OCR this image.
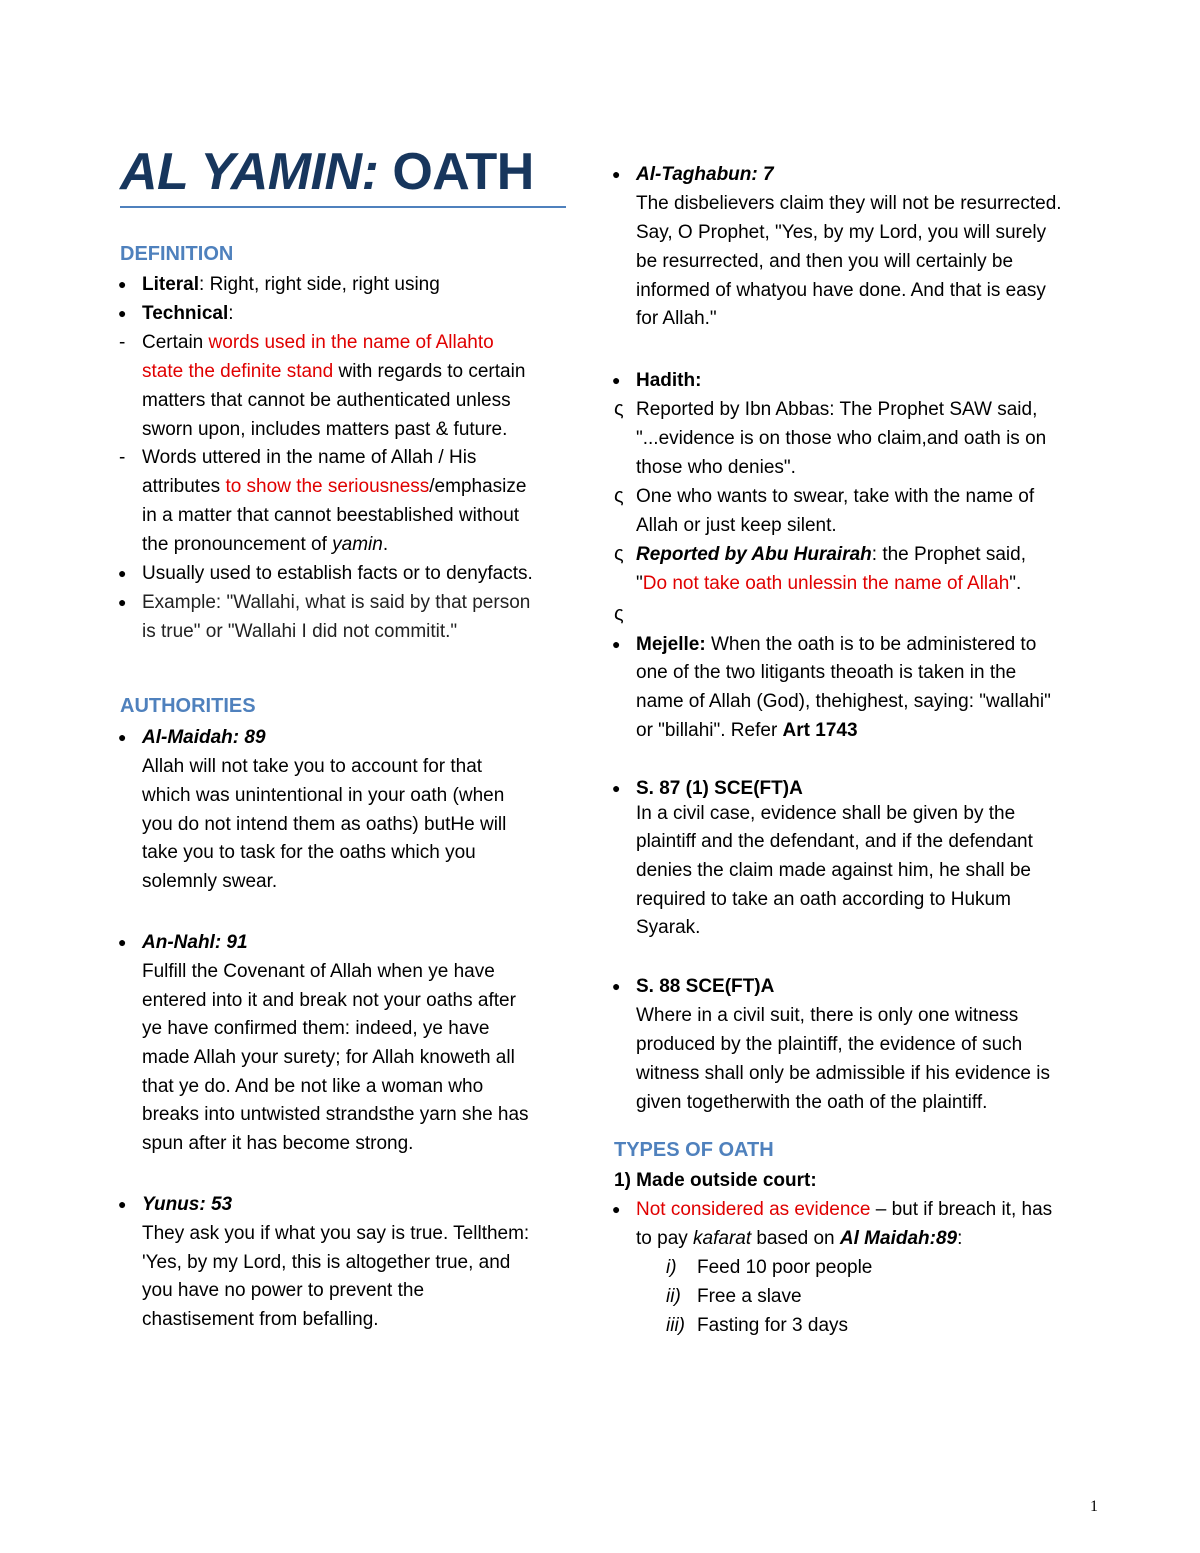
AL YAMIN: OATH
DEFINITION
● Literal: Right, right side, right using
● Technical:
- Certain words used in the name of Allahto
state the definite stand with regards to certain
matters that cannot be authenticated unless
sworn upon, includes matters past & future.
- Words uttered in the name of Allah / His
attributes to show the seriousness/emphasize
in a matter that cannot beestablished without
the pronouncement of yamin.
● Usually used to establish facts or to denyfacts.
● Example: "Wallahi, what is said by that person
is true" or "Wallahi I did not commitit."
AUTHORITIES
● Al-Maidah: 89
Allah will not take you to account for that
which was unintentional in your oath (when
you do not intend them as oaths) butHe will
take you to task for the oaths which you
solemnly swear.
● An-Nahl: 91
Fulfill the Covenant of Allah when ye have
entered into it and break not your oaths after
ye have confirmed them: indeed, ye have
made Allah your surety; for Allah knoweth all
that ye do. And be not like a woman who
breaks into untwisted strandsthe yarn she has
spun after it has become strong.
● Yunus: 53
They ask you if what you say is true. Tellthem:
'Yes, by my Lord, this is altogether true, and
you have no power to prevent the
chastisement from befalling.
● Al-Taghabun: 7
The disbelievers claim they will not be resurrected.
Say, O Prophet, "Yes, by my Lord, you will surely
be resurrected, and then you will certainly be
informed of whatyou have done. And that is easy
for Allah."
● Hadith:
ς Reported by Ibn Abbas: The Prophet SAW said,
"...evidence is on those who claim,and oath is on
those who denies".
ς One who wants to swear, take with the name of
Allah or just keep silent.
ς Reported by Abu Hurairah: the Prophet said,
"Do not take oath unlessin the name of Allah".
ς
● Mejelle: When the oath is to be administered to
one of the two litigants theoath is taken in the
name of Allah (God), thehighest, saying: "wallahi"
or "billahi". Refer Art 1743
● S. 87 (1) SCE(FT)A
In a civil case, evidence shall be given by the
plaintiff and the defendant, and if the defendant
denies the claim made against him, he shall be
required to take an oath according to Hukum
Syarak.
● S. 88 SCE(FT)A
Where in a civil suit, there is only one witness
produced by the plaintiff, the evidence of such
witness shall only be admissible if his evidence is
given togetherwith the oath of the plaintiff.
TYPES OF OATH
1) Made outside court:
● Not considered as evidence – but if breach it, has
to pay kafarat based on Al Maidah:89:
i) Feed 10 poor people
ii) Free a slave
iii) Fasting for 3 days
1
